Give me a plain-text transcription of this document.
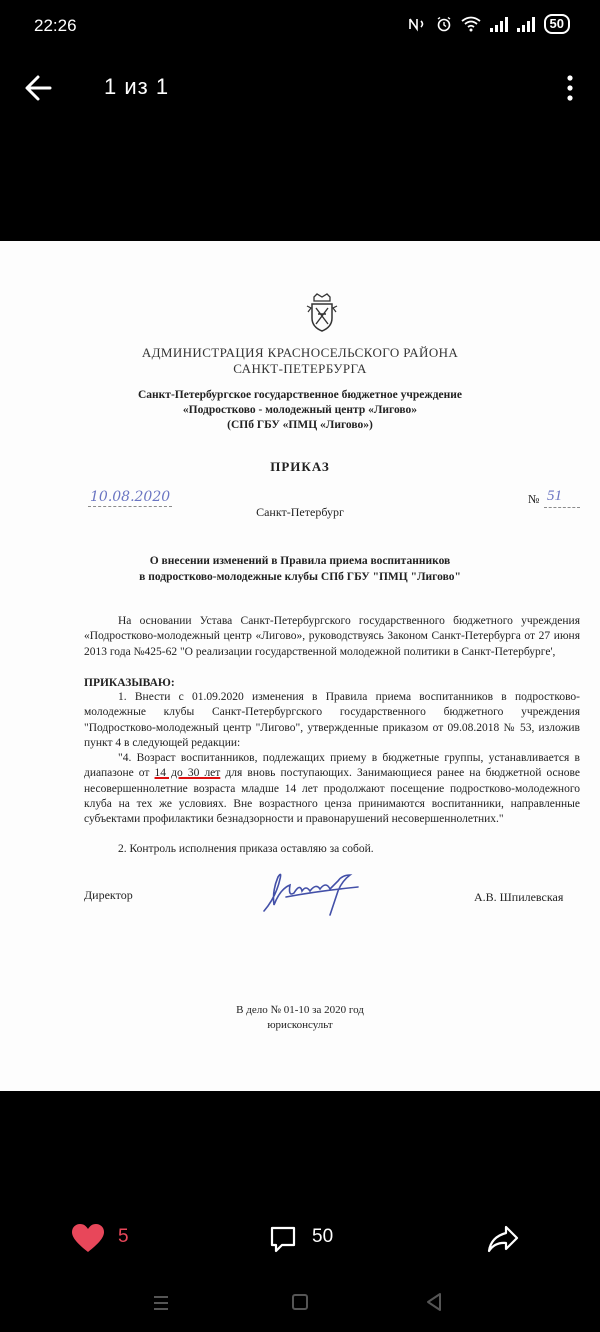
22:26	50
1 из 1
АДМИНИСТРАЦИЯ КРАСНОСЕЛЬСКОГО РАЙОНА
САНКТ-ПЕТЕРБУРГА
Санкт-Петербургское государственное бюджетное учреждение
«Подростково - молодежный центр «Лигово»
(СПб ГБУ «ПМЦ «Лигово»)
ПРИКАЗ
10.08.2020
Санкт-Петербург
№ 51
О внесении изменений в Правила приема воспитанников
в подростково-молодежные клубы СПб ГБУ "ПМЦ "Лигово"

На основании Устава Санкт-Петербургского государственного бюджетного учреждения «Подростково-молодежный центр «Лигово», руководствуясь Законом Санкт-Петербурга от 27 июня 2013 года №425-62 "О реализации государственной молодежной политики в Санкт-Петербурге',

ПРИКАЗЫВАЮ:

1. Внести с 01.09.2020 изменения в Правила приема воспитанников в подростково-молодежные клубы Санкт-Петербургского государственного бюджетного учреждения "Подростково-молодежный центр "Лигово", утвержденные приказом от 09.08.2018 № 53, изложив пункт 4 в следующей редакции:

"4. Возраст воспитанников, подлежащих приему в бюджетные группы, устанавливается в диапазоне от 14 до 30 лет для вновь поступающих. Занимающиеся ранее на бюджетной основе несовершеннолетние возраста младше 14 лет продолжают посещение подростково-молодежного клуба на тех же условиях. Вне возрастного ценза принимаются воспитанники, направленные субъектами профилактики безнадзорности и правонарушений несовершеннолетних."

2. Контроль исполнения приказа оставляю за собой.

Директор	А.В. Шпилевская
В дело № 01-10 за 2020 год
юрисконсульт
5	50
